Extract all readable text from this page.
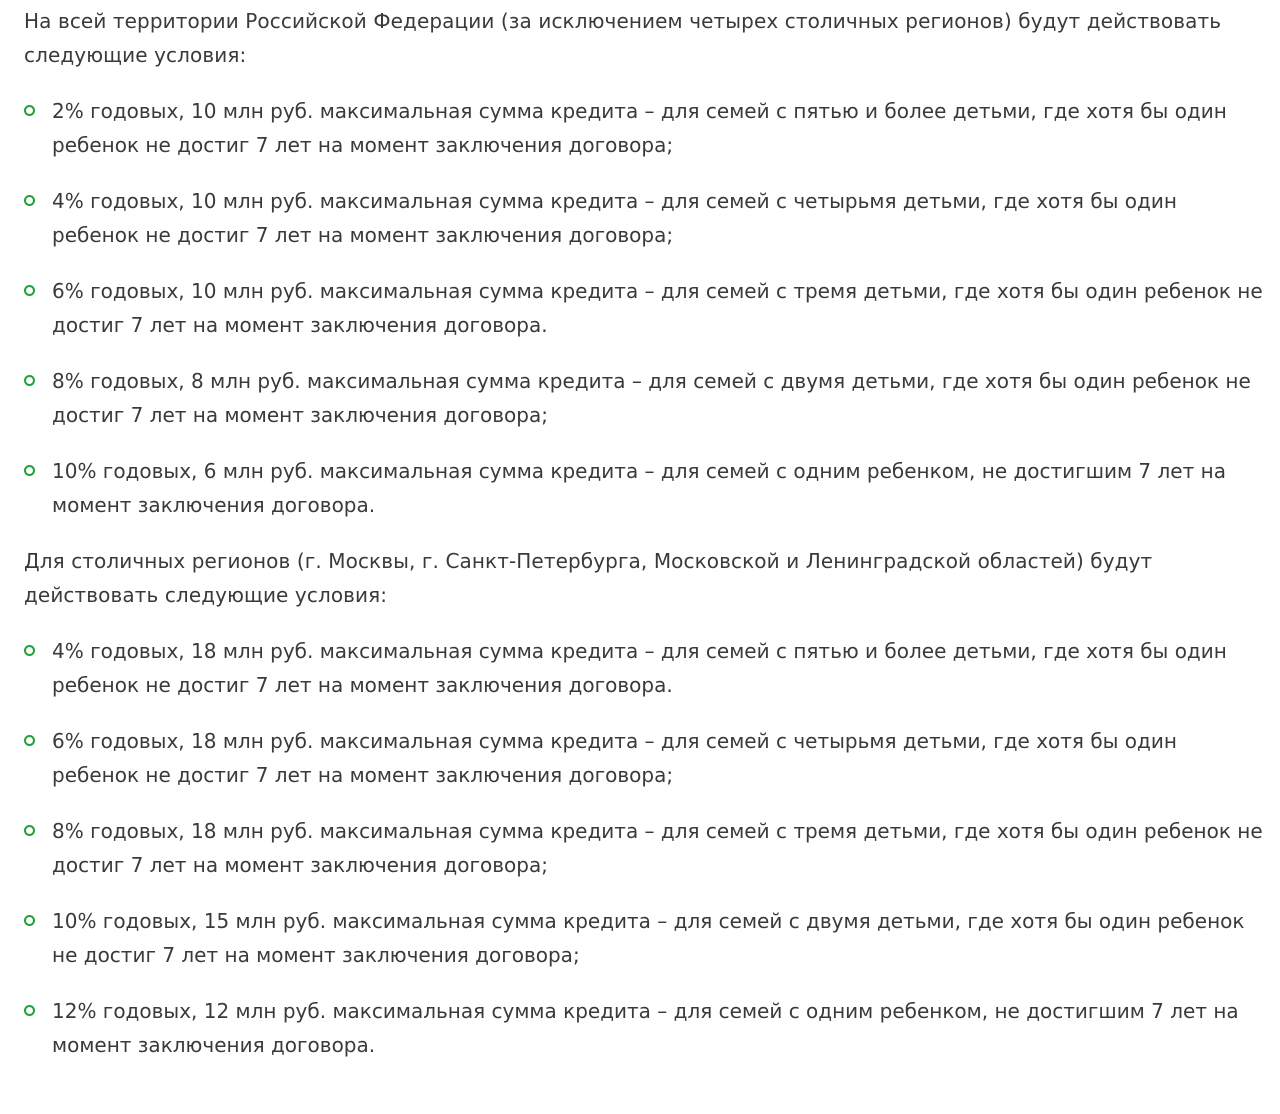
На всей территории Российской Федерации (за исключением четырех столичных регионов) будут действовать следующие условия:

2% годовых, 10 млн руб. максимальная сумма кредита – для семей с пятью и более детьми, где хотя бы один ребенок не достиг 7 лет на момент заключения договора;
4% годовых, 10 млн руб. максимальная сумма кредита – для семей с четырьмя детьми, где хотя бы один ребенок не достиг 7 лет на момент заключения договора;
6% годовых, 10 млн руб. максимальная сумма кредита – для семей с тремя детьми, где хотя бы один ребенок не достиг 7 лет на момент заключения договора.
8% годовых, 8 млн руб. максимальная сумма кредита – для семей с двумя детьми, где хотя бы один ребенок не достиг 7 лет на момент заключения договора;
10% годовых, 6 млн руб. максимальная сумма кредита – для семей с одним ребенком, не достигшим 7 лет на момент заключения договора.

Для столичных регионов (г. Москвы, г. Санкт-Петербурга, Московской и Ленинградской областей) будут действовать следующие условия:

4% годовых, 18 млн руб. максимальная сумма кредита – для семей с пятью и более детьми, где хотя бы один ребенок не достиг 7 лет на момент заключения договора.
6% годовых, 18 млн руб. максимальная сумма кредита – для семей с четырьмя детьми, где хотя бы один ребенок не достиг 7 лет на момент заключения договора;
8% годовых, 18 млн руб. максимальная сумма кредита – для семей с тремя детьми, где хотя бы один ребенок не достиг 7 лет на момент заключения договора;
10% годовых, 15 млн руб. максимальная сумма кредита – для семей с двумя детьми, где хотя бы один ребенок не достиг 7 лет на момент заключения договора;
12% годовых, 12 млн руб. максимальная сумма кредита – для семей с одним ребенком, не достигшим 7 лет на момент заключения договора.
